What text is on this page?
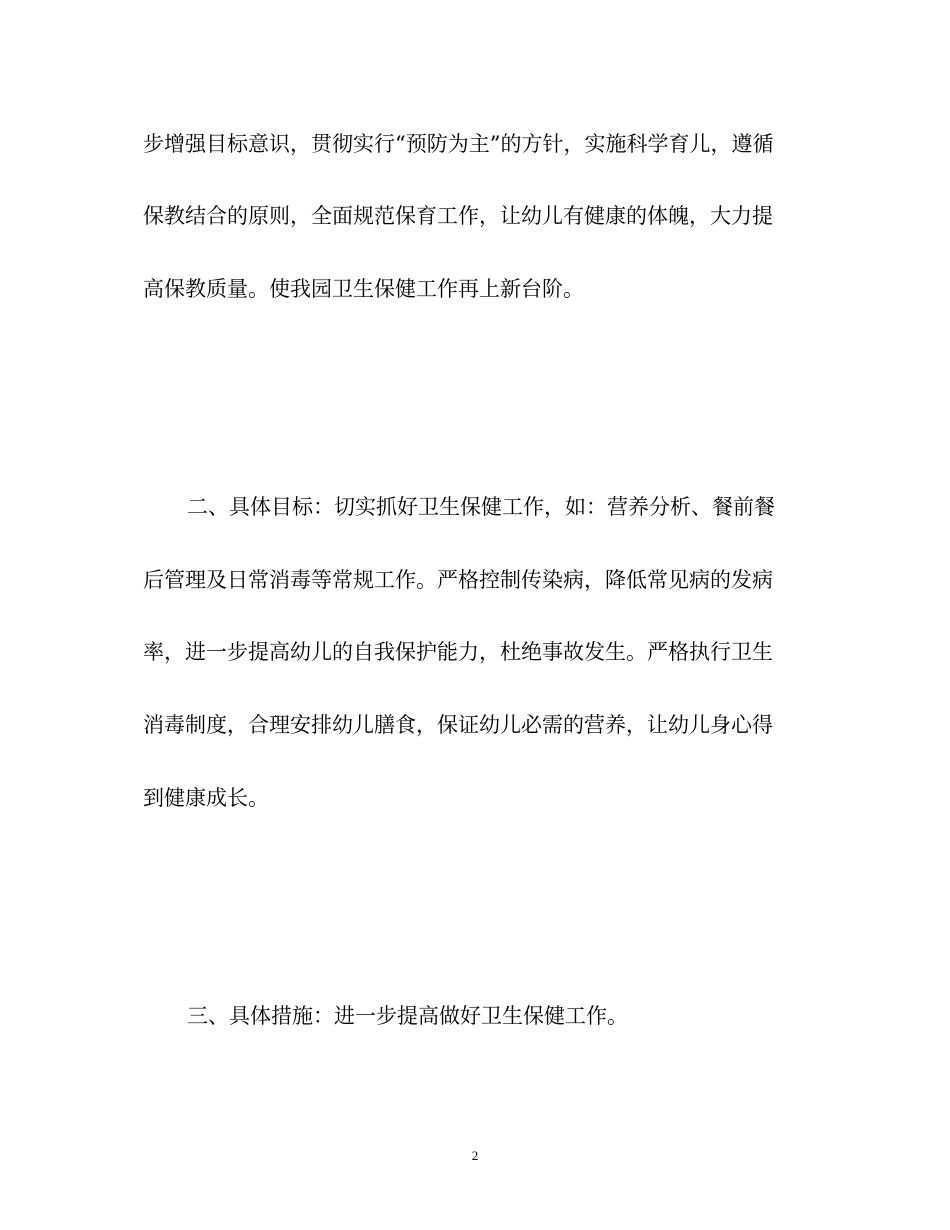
步增强目标意识，贯彻实行“预防为主”的方针，实施科学育儿，遵循
保教结合的原则，全面规范保育工作，让幼儿有健康的体魄，大力提
高保教质量。使我园卫生保健工作再上新台阶。
二、具体目标：切实抓好卫生保健工作，如：营养分析、餐前餐
后管理及日常消毒等常规工作。严格控制传染病，降低常见病的发病
率，进一步提高幼儿的自我保护能力，杜绝事故发生。严格执行卫生
消毒制度，合理安排幼儿膳食，保证幼儿必需的营养，让幼儿身心得
到健康成长。
三、具体措施：进一步提高做好卫生保健工作。
2
